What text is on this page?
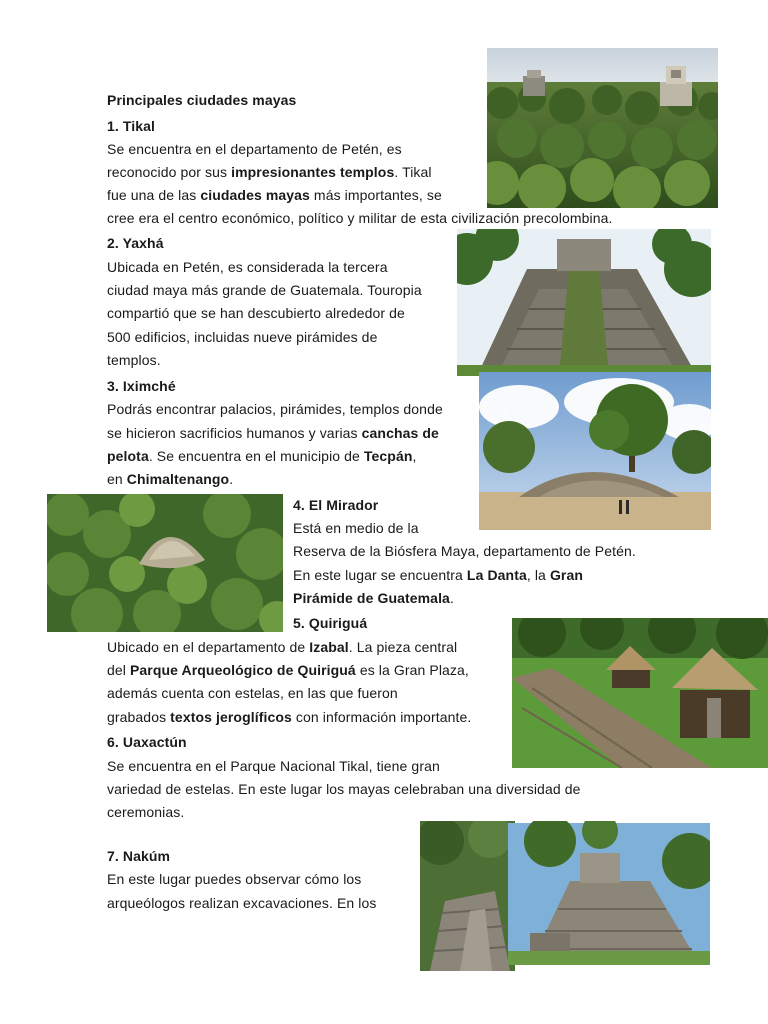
Principales ciudades mayas
1. Tikal
Se encuentra en el departamento de Petén, es
reconocido por sus impresionantes templos. Tikal
fue una de las ciudades mayas más importantes, se
cree era el centro económico, político y militar de esta civilización precolombina.
2. Yaxhá
Ubicada en Petén, es considerada la tercera
ciudad maya más grande de Guatemala. Touropia
compartió que se han descubierto alrededor de
500 edificios, incluidas nueve pirámides de
templos.
3. Iximché
Podrás encontrar palacios, pirámides, templos donde
se hicieron sacrificios humanos y varias canchas de
pelota. Se encuentra en el municipio de Tecpán,
en Chimaltenango.
4. El Mirador
Está en medio de la
Reserva de la Biósfera Maya, departamento de Petén.
En este lugar se encuentra La Danta, la Gran
Pirámide de Guatemala.
5. Quiriguá
Ubicado en el departamento de Izabal. La pieza central
del Parque Arqueológico de Quiriguá es la Gran Plaza,
además cuenta con estelas, en las que fueron
grabados textos jeroglíficos con información importante.
6. Uaxactún
Se encuentra en el Parque Nacional Tikal, tiene gran
variedad de estelas. En este lugar los mayas celebraban una diversidad de
ceremonias.
7. Nakúm
En este lugar puedes observar cómo los
arqueólogos realizan excavaciones. En los
